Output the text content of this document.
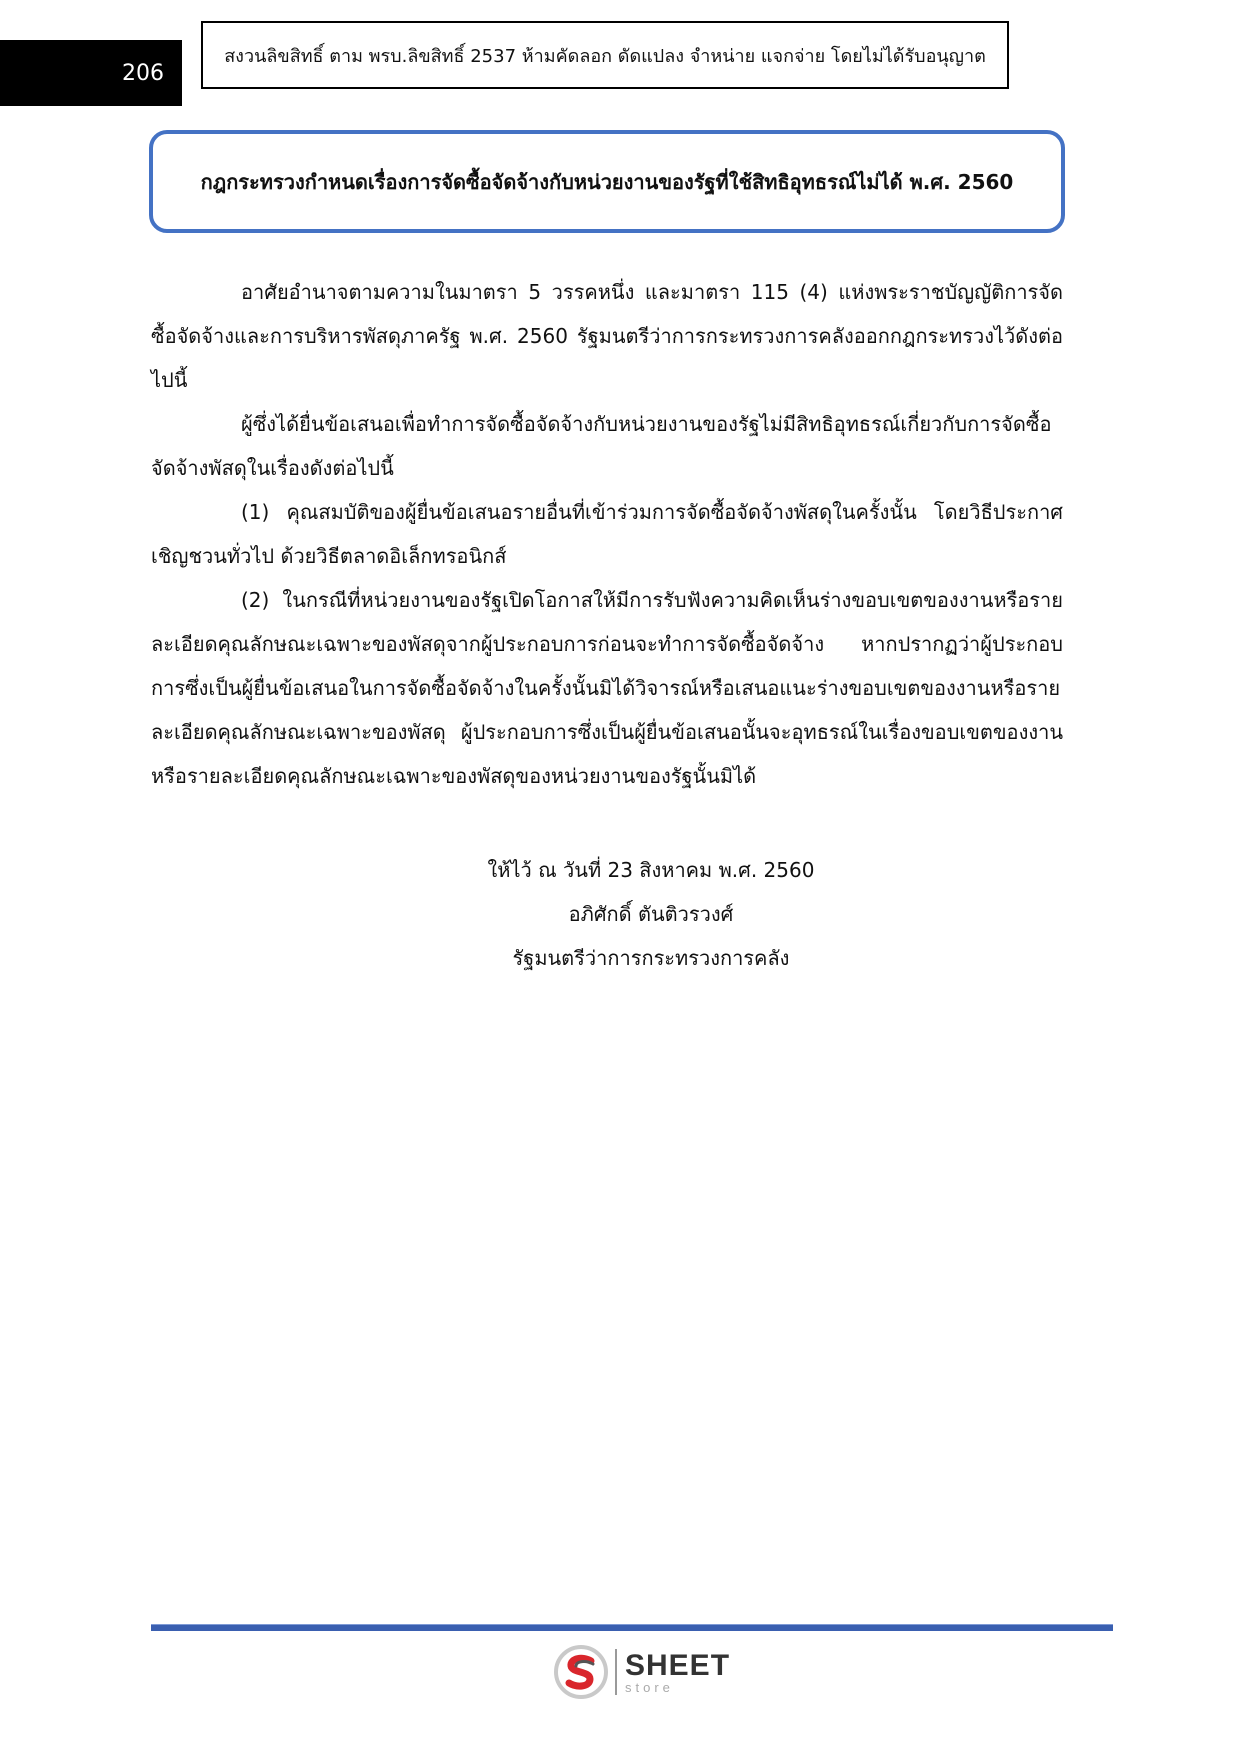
206
สงวนลิขสิทธิ์ ตาม พรบ.ลิขสิทธิ์ 2537 ห้ามคัดลอก ดัดแปลง จำหน่าย แจกจ่าย โดยไม่ได้รับอนุญาต
กฎกระทรวงกำหนดเรื่องการจัดซื้อจัดจ้างกับหน่วยงานของรัฐที่ใช้สิทธิอุทธรณ์ไม่ได้ พ.ศ. 2560

อาศัยอำนาจตามความในมาตรา 5 วรรคหนึ่ง และมาตรา 115 (4) แห่งพระราชบัญญัติการจัดซื้อจัดจ้างและการบริหารพัสดุภาครัฐ พ.ศ. 2560 รัฐมนตรีว่าการกระทรวงการคลังออกกฎกระทรวงไว้ดังต่อไปนี้

ผู้ซึ่งได้ยื่นข้อเสนอเพื่อทำการจัดซื้อจัดจ้างกับหน่วยงานของรัฐไม่มีสิทธิอุทธรณ์เกี่ยวกับการจัดซื้อจัดจ้างพัสดุในเรื่องดังต่อไปนี้

(1) คุณสมบัติของผู้ยื่นข้อเสนอรายอื่นที่เข้าร่วมการจัดซื้อจัดจ้างพัสดุในครั้งนั้น โดยวิธีประกาศเชิญชวนทั่วไป ด้วยวิธีตลาดอิเล็กทรอนิกส์

(2) ในกรณีที่หน่วยงานของรัฐเปิดโอกาสให้มีการรับฟังความคิดเห็นร่างขอบเขตของงานหรือรายละเอียดคุณลักษณะเฉพาะของพัสดุจากผู้ประกอบการก่อนจะทำการจัดซื้อจัดจ้าง หากปรากฏว่าผู้ประกอบการซึ่งเป็นผู้ยื่นข้อเสนอในการจัดซื้อจัดจ้างในครั้งนั้นมิได้วิจารณ์หรือเสนอแนะร่างขอบเขตของงานหรือรายละเอียดคุณลักษณะเฉพาะของพัสดุ ผู้ประกอบการซึ่งเป็นผู้ยื่นข้อเสนอนั้นจะอุทธรณ์ในเรื่องขอบเขตของงานหรือรายละเอียดคุณลักษณะเฉพาะของพัสดุของหน่วยงานของรัฐนั้นมิได้

ให้ไว้ ณ วันที่ 23 สิงหาคม พ.ศ. 2560
อภิศักดิ์ ตันติวรวงศ์
รัฐมนตรีว่าการกระทรวงการคลัง
SHEET
store
